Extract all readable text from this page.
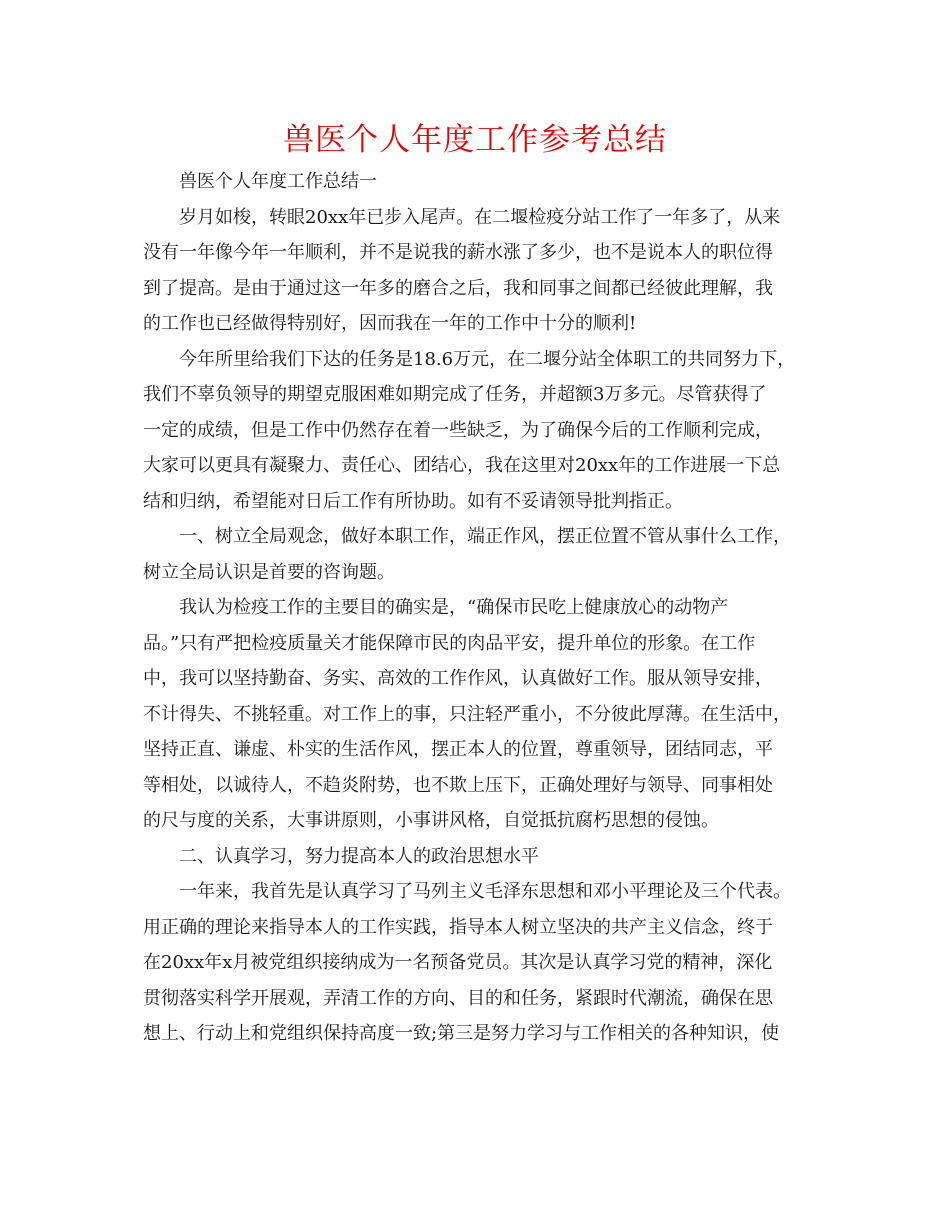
兽医个人年度工作参考总结
兽医个人年度工作总结一
岁月如梭，转眼20xx年已步入尾声。在二堰检疫分站工作了一年多了，从来
没有一年像今年一年顺利，并不是说我的薪水涨了多少，也不是说本人的职位得
到了提高。是由于通过这一年多的磨合之后，我和同事之间都已经彼此理解，我
的工作也已经做得特别好，因而我在一年的工作中十分的顺利!
今年所里给我们下达的任务是18.6万元，在二堰分站全体职工的共同努力下，
我们不辜负领导的期望克服困难如期完成了任务，并超额3万多元。尽管获得了
一定的成绩，但是工作中仍然存在着一些缺乏，为了确保今后的工作顺利完成，
大家可以更具有凝聚力、责任心、团结心，我在这里对20xx年的工作进展一下总
结和归纳，希望能对日后工作有所协助。如有不妥请领导批判指正。
一、树立全局观念，做好本职工作，端正作风，摆正位置不管从事什么工作，
树立全局认识是首要的咨询题。
我认为检疫工作的主要目的确实是，“确保市民吃上健康放心的动物产
品。”只有严把检疫质量关才能保障市民的肉品平安，提升单位的形象。在工作
中，我可以坚持勤奋、务实、高效的工作作风，认真做好工作。服从领导安排，
不计得失、不挑轻重。对工作上的事，只注轻严重小，不分彼此厚薄。在生活中，
坚持正直、谦虚、朴实的生活作风，摆正本人的位置，尊重领导，团结同志，平
等相处，以诚待人，不趋炎附势，也不欺上压下，正确处理好与领导、同事相处
的尺与度的关系，大事讲原则，小事讲风格，自觉抵抗腐朽思想的侵蚀。
二、认真学习，努力提高本人的政治思想水平
一年来，我首先是认真学习了马列主义毛泽东思想和邓小平理论及三个代表。
用正确的理论来指导本人的工作实践，指导本人树立坚决的共产主义信念，终于
在20xx年x月被党组织接纳成为一名预备党员。其次是认真学习党的精神，深化
贯彻落实科学开展观，弄清工作的方向、目的和任务，紧跟时代潮流，确保在思
想上、行动上和党组织保持高度一致;第三是努力学习与工作相关的各种知识，使
